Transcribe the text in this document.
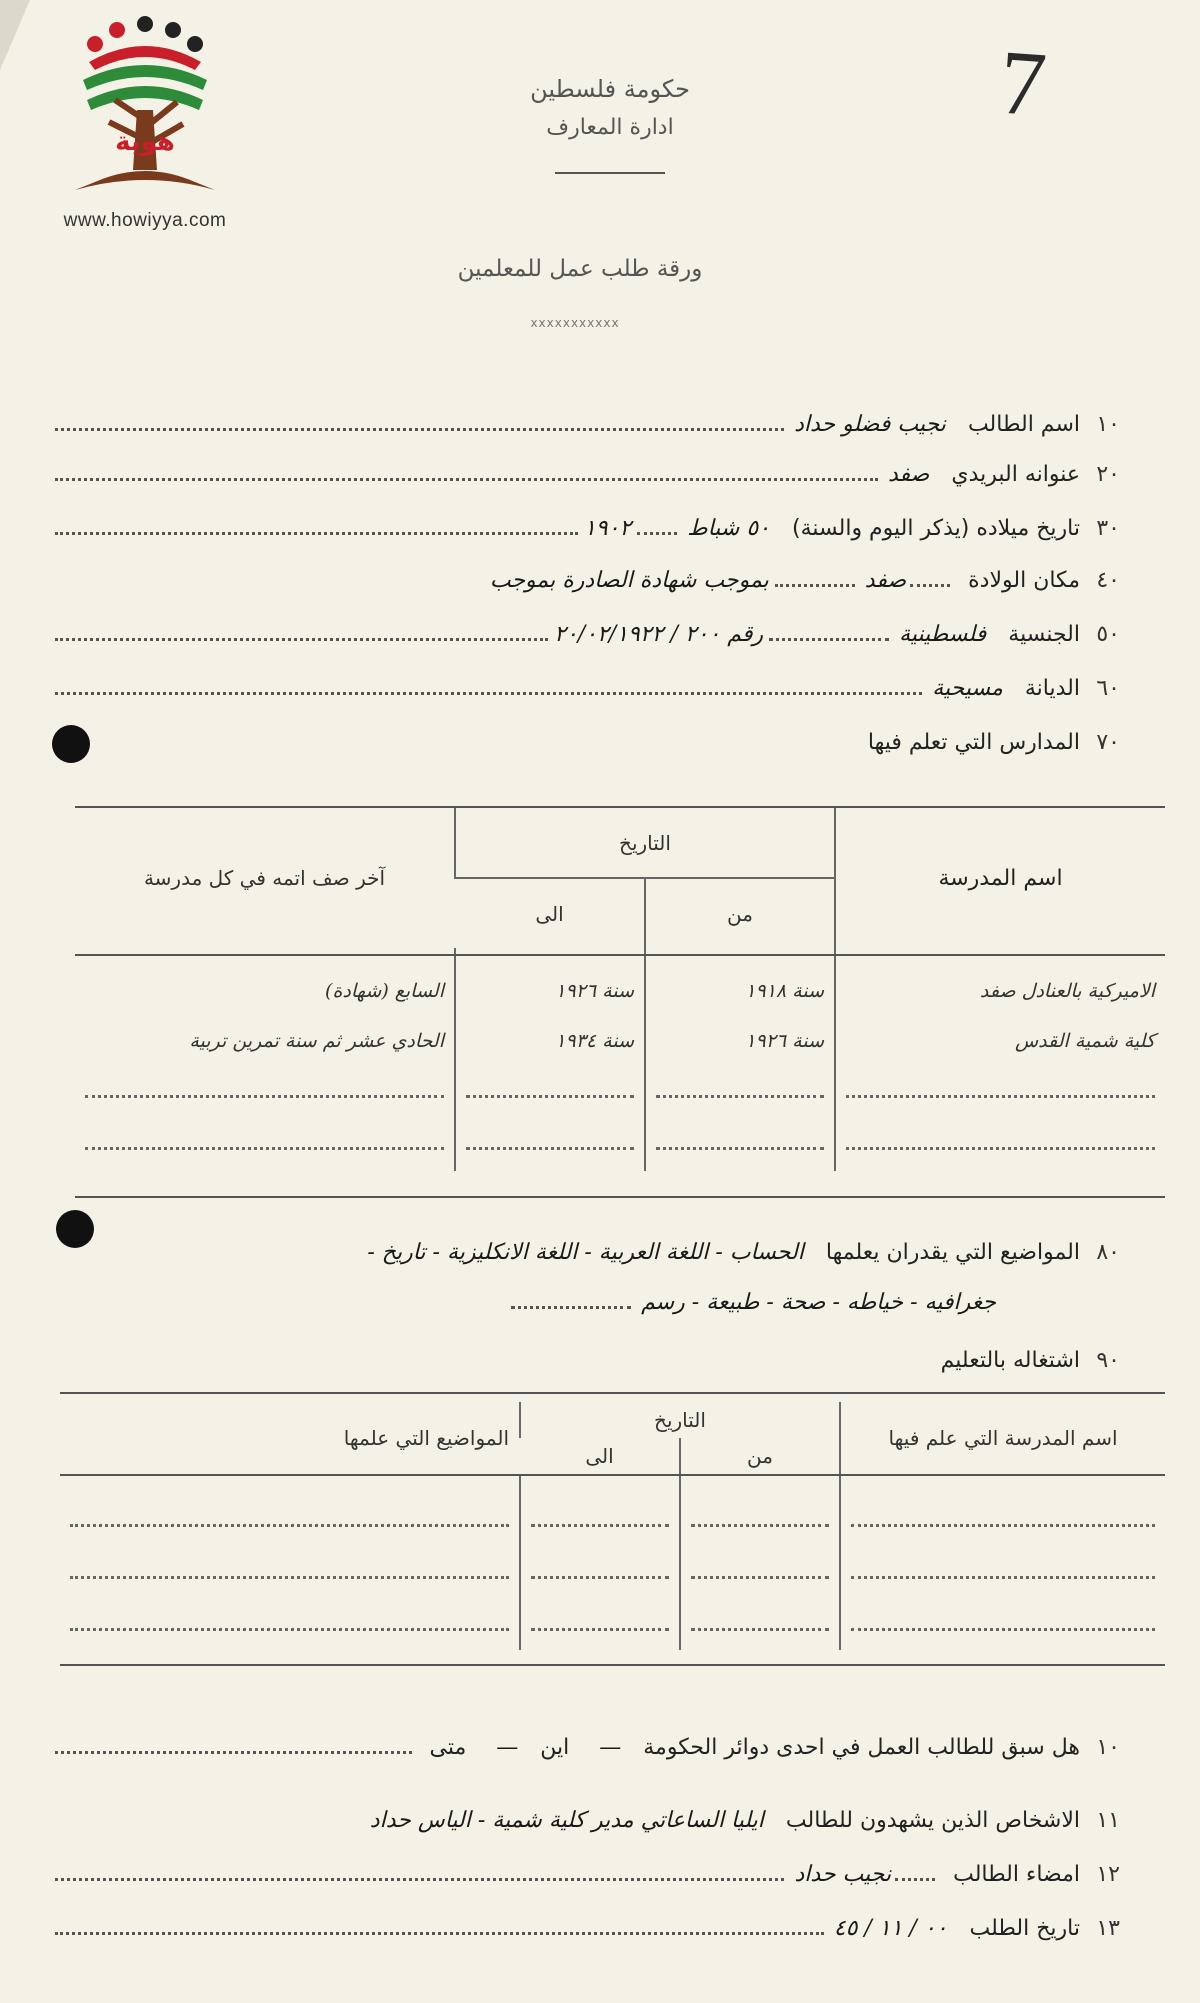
هوية
www.howiyya.com
7
حكومة فلسطين
ادارة المعارف
ورقة طلب عمل للمعلمين
xxxxxxxxxxx
١٠
اسم الطالب
نجيب فضلو حداد
٢٠
عنوانه البريدي
صفد
٣٠
تاريخ ميلاده (يذكر اليوم والسنة)
٥٠ شباط
١٩٠٢
٤٠
مكان الولادة
صفد
بموجب شهادة الصادرة بموجب
٥٠
الجنسية
فلسطينية
رقم ٢٠٠ / ٢٠/٠٢/١٩٢٢
٦٠
الديانة
مسيحية
٧٠
المدارس التي تعلم فيها
اسم المدرسة	التاريخ		آخر صف اتمه في كل مدرسة
	من	الى	

الاميركية بالعنادل صفد	سنة ١٩١٨	سنة ١٩٢٦	السابع (شهادة)
كلية شمية القدس	سنة ١٩٢٦	سنة ١٩٣٤	الحادي عشر ثم سنة تمرين تربية

٨٠
المواضيع التي يقدران يعلمها
الحساب - اللغة العربية - اللغة الانكليزية - تاريخ -
جغرافيه - خياطه - صحة - طبيعة - رسم
٩٠
اشتغاله بالتعليم
اسم المدرسة التي علم فيها	التاريخ		المواضيع التي علمها
	من	الى	

١٠
هل سبق للطالب العمل في احدى دوائر الحكومة
—
اين
—
متى
١١
الاشخاص الذين يشهدون للطالب
ايليا الساعاتي مدير كلية شمية - الياس حداد
١٢
امضاء الطالب
نجيب حداد
١٣
تاريخ الطلب
٠٠ / ١١ / ٤٥
